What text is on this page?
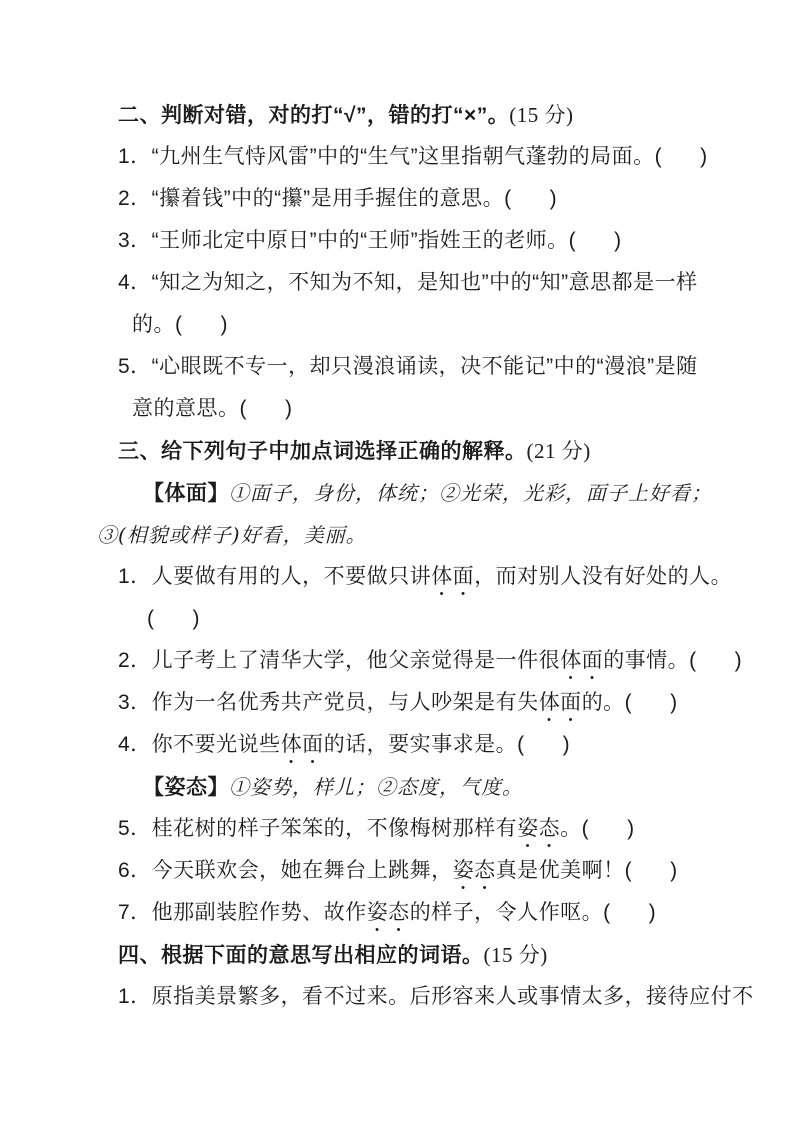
二、判断对错，对的打“√”，错的打“×”。(15 分)
1．“九州生气恃风雷”中的“生气”这里指朝气蓬勃的局面。(      )
2．“攥着钱”中的“攥”是用手握住的意思。(      )
3．“王师北定中原日”中的“王师”指姓王的老师。(      )
4．“知之为知之，不知为不知，是知也”中的“知”意思都是一样
的。(      )
5．“心眼既不专一，却只漫浪诵读，决不能记”中的“漫浪”是随
意的意思。(      )
三、给下列句子中加点词选择正确的解释。(21 分)
【体面】①面子，身份，体统；②光荣，光彩，面子上好看；
③(相貌或样子)好看，美丽。
1．人要做有用的人，不要做只讲体面，而对别人没有好处的人。
(      )
2．儿子考上了清华大学，他父亲觉得是一件很体面的事情。(      )
3．作为一名优秀共产党员，与人吵架是有失体面的。(      )
4．你不要光说些体面的话，要实事求是。(      )
【姿态】①姿势，样儿；②态度，气度。
5．桂花树的样子笨笨的，不像梅树那样有姿态。(      )
6．今天联欢会，她在舞台上跳舞，姿态真是优美啊！(      )
7．他那副装腔作势、故作姿态的样子，令人作呕。(      )
四、根据下面的意思写出相应的词语。(15 分)
1．原指美景繁多，看不过来。后形容来人或事情太多，接待应付不
